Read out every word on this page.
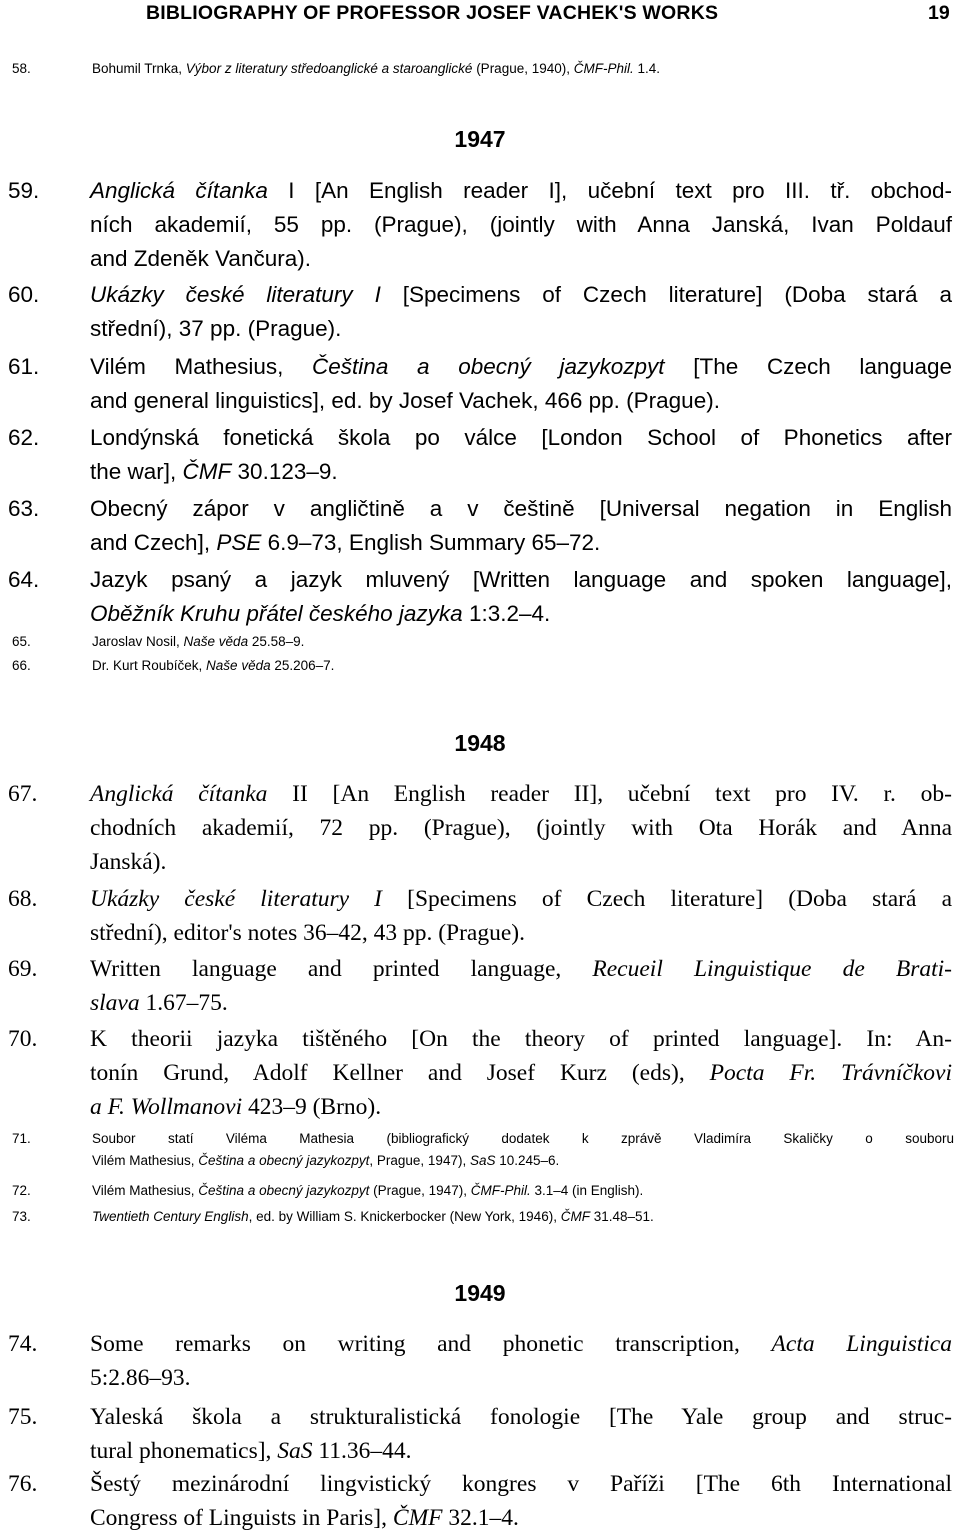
BIBLIOGRAPHY OF PROFESSOR JOSEF VACHEK'S WORKS	19
58.	Bohumil Trnka, Výbor z literatury středoanglické a staroanglické (Prague, 1940), ČMF-Phil. 1.4.
1947
59. Anglická čítanka I [An English reader I], učební text pro III. tř. obchod-
ních akademií, 55 pp. (Prague), (jointly with Anna Janská, Ivan Poldauf
and Zdeněk Vančura).
60. Ukázky české literatury I [Specimens of Czech literature] (Doba stará a
střední), 37 pp. (Prague).
61. Vilém Mathesius, Čeština a obecný jazykozpyt [The Czech language
and general linguistics], ed. by Josef Vachek, 466 pp. (Prague).
62. Londýnská fonetická škola po válce [London School of Phonetics after
the war], ČMF 30.123–9.
63. Obecný zápor v angličtině a v češtině [Universal negation in English
and Czech], PSE 6.9–73, English Summary 65–72.
64. Jazyk psaný a jazyk mluvený [Written language and spoken language],
Oběžník Kruhu přátel českého jazyka 1:3.2–4.
65.	Jaroslav Nosil, Naše věda 25.58–9.
66.	Dr. Kurt Roubíček, Naše věda 25.206–7.
1948
67. Anglická čítanka II [An English reader II], učební text pro IV. r. ob-
chodních akademií, 72 pp. (Prague), (jointly with Ota Horák and Anna
Janská).
68. Ukázky české literatury I [Specimens of Czech literature] (Doba stará a
střední), editor's notes 36–42, 43 pp. (Prague).
69. Written language and printed language, Recueil Linguistique de Brati-
slava 1.67–75.
70. K theorii jazyka tištěného [On the theory of printed language]. In: An-
tonín Grund, Adolf Kellner and Josef Kurz (eds), Pocta Fr. Trávníčkovi
a F. Wollmanovi 423–9 (Brno).
71.	Soubor statí Viléma Mathesia (bibliografický dodatek k zprávě Vladimíra Skaličky o souboru
Vilém Mathesius, Čeština a obecný jazykozpyt, Prague, 1947), SaS 10.245–6.
72.	Vilém Mathesius, Čeština a obecný jazykozpyt (Prague, 1947), ČMF-Phil. 3.1–4 (in English).
73.	Twentieth Century English, ed. by William S. Knickerbocker (New York, 1946), ČMF 31.48–51.
1949
74. Some remarks on writing and phonetic transcription, Acta Linguistica
5:2.86–93.
75. Yaleská škola a strukturalistická fonologie [The Yale group and struc-
tural phonematics], SaS 11.36–44.
76. Šestý mezinárodní lingvistický kongres v Paříži [The 6th International
Congress of Linguists in Paris], ČMF 32.1–4.
